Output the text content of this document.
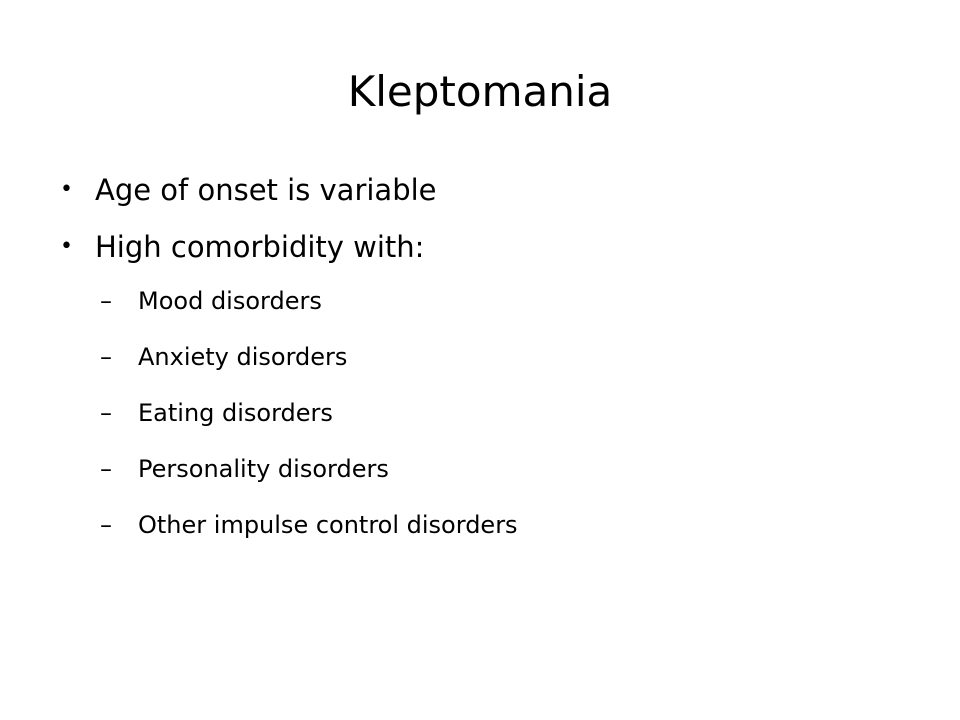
Kleptomania
• Age of onset is variable
• High comorbidity with:
– Mood disorders
– Anxiety disorders
– Eating disorders
– Personality disorders
– Other impulse control disorders
